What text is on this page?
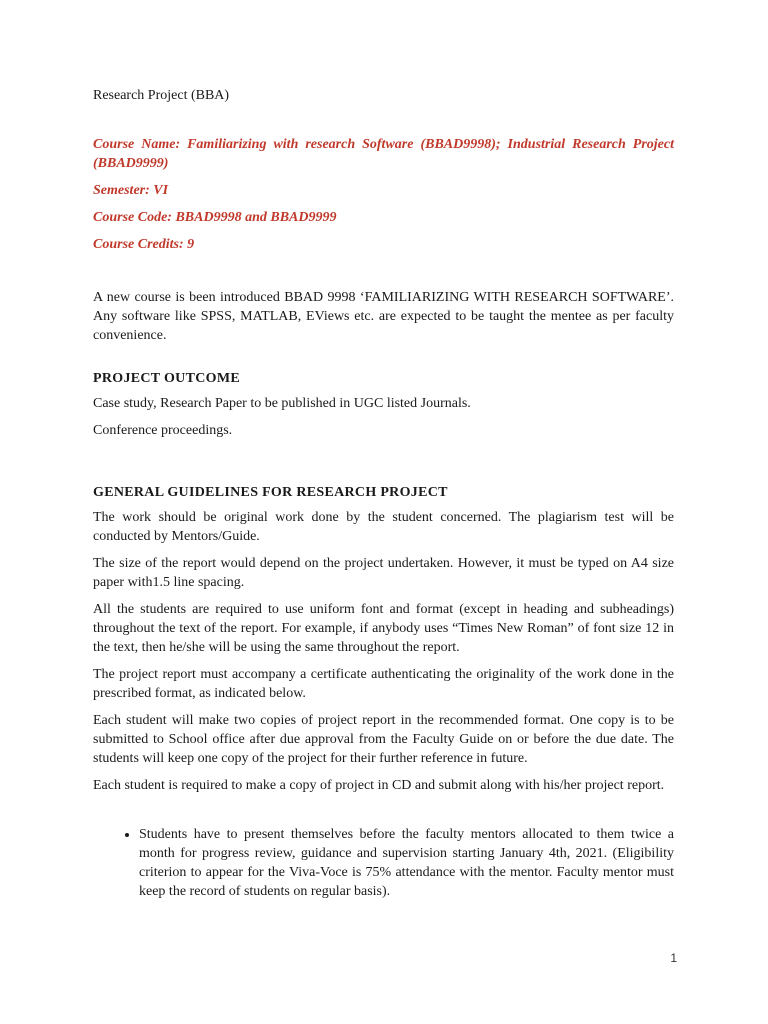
Research Project (BBA)
Course Name: Familiarizing with research Software (BBAD9998); Industrial Research Project (BBAD9999)
Semester: VI
Course Code: BBAD9998 and BBAD9999
Course Credits: 9

A new course is been introduced BBAD 9998 ‘FAMILIARIZING WITH RESEARCH SOFTWARE’. Any software like SPSS, MATLAB, EViews etc. are expected to be taught the mentee as per faculty convenience.

PROJECT OUTCOME

Case study, Research Paper to be published in UGC listed Journals.

Conference proceedings.

GENERAL GUIDELINES FOR RESEARCH PROJECT

The work should be original work done by the student concerned. The plagiarism test will be conducted by Mentors/Guide.

The size of the report would depend on the project undertaken. However, it must be typed on A4 size paper with1.5 line spacing.

All the students are required to use uniform font and format (except in heading and subheadings) throughout the text of the report. For example, if anybody uses “Times New Roman” of font size 12 in the text, then he/she will be using the same throughout the report.

The project report must accompany a certificate authenticating the originality of the work done in the prescribed format, as indicated below.

Each student will make two copies of project report in the recommended format. One copy is to be submitted to School office after due approval from the Faculty Guide on or before the due date. The students will keep one copy of the project for their further reference in future.

Each student is required to make a copy of project in CD and submit along with his/her project report.

• Students have to present themselves before the faculty mentors allocated to them twice a month for progress review, guidance and supervision starting January 4th, 2021. (Eligibility criterion to appear for the Viva-Voce is 75% attendance with the mentor. Faculty mentor must keep the record of students on regular basis).
1
